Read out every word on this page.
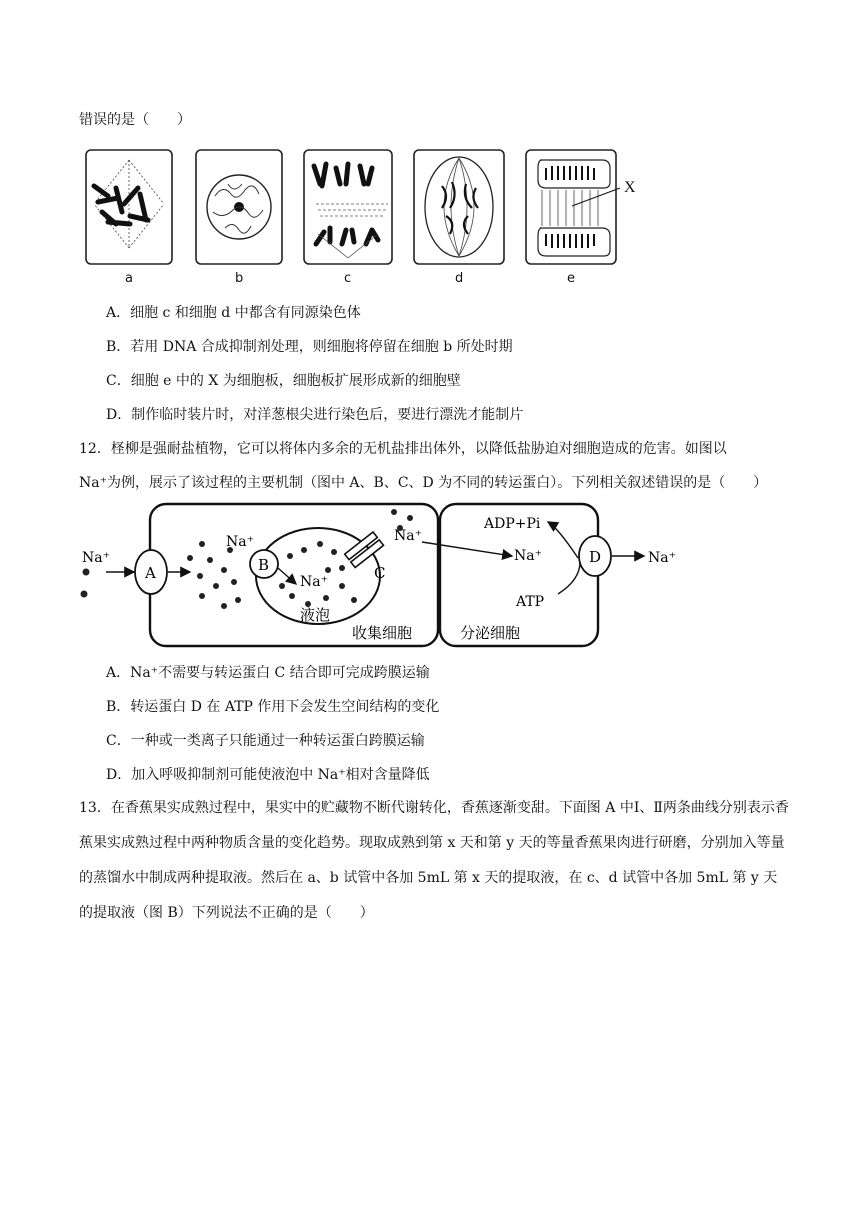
错误的是（　　）
X
a	b	c	d	e
A．细胞 c 和细胞 d 中都含有同源染色体
B．若用 DNA 合成抑制剂处理，则细胞将停留在细胞 b 所处时期
C．细胞 e 中的 X 为细胞板，细胞板扩展形成新的细胞壁
D．制作临时装片时，对洋葱根尖进行染色后，要进行漂洗才能制片
12．柽柳是强耐盐植物，它可以将体内多余的无机盐排出体外，以降低盐胁迫对细胞造成的危害。如图以
Na⁺为例，展示了该过程的主要机制（图中 A、B、C、D 为不同的转运蛋白）。下列相关叙述错误的是（　　）
Na⁺
A
Na⁺
B
Na⁺	C
Na⁺
Na⁺	D	Na⁺
ADP+Pi
ATP
液泡
收集细胞	分泌细胞
A．Na⁺不需要与转运蛋白 C 结合即可完成跨膜运输
B．转运蛋白 D 在 ATP 作用下会发生空间结构的变化
C．一种或一类离子只能通过一种转运蛋白跨膜运输
D．加入呼吸抑制剂可能使液泡中 Na⁺相对含量降低
13．在香蕉果实成熟过程中，果实中的贮藏物不断代谢转化，香蕉逐渐变甜。下面图 A 中Ⅰ、Ⅱ两条曲线分别表示香蕉果实成熟过程中两种物质含量的变化趋势。现取成熟到第 x 天和第 y 天的等量香蕉果肉进行研磨，分别加入等量的蒸馏水中制成两种提取液。然后在 a、b 试管中各加 5mL 第 x 天的提取液，在 c、d 试管中各加 5mL 第 y 天的提取液（图 B）下列说法不正确的是（　　）
